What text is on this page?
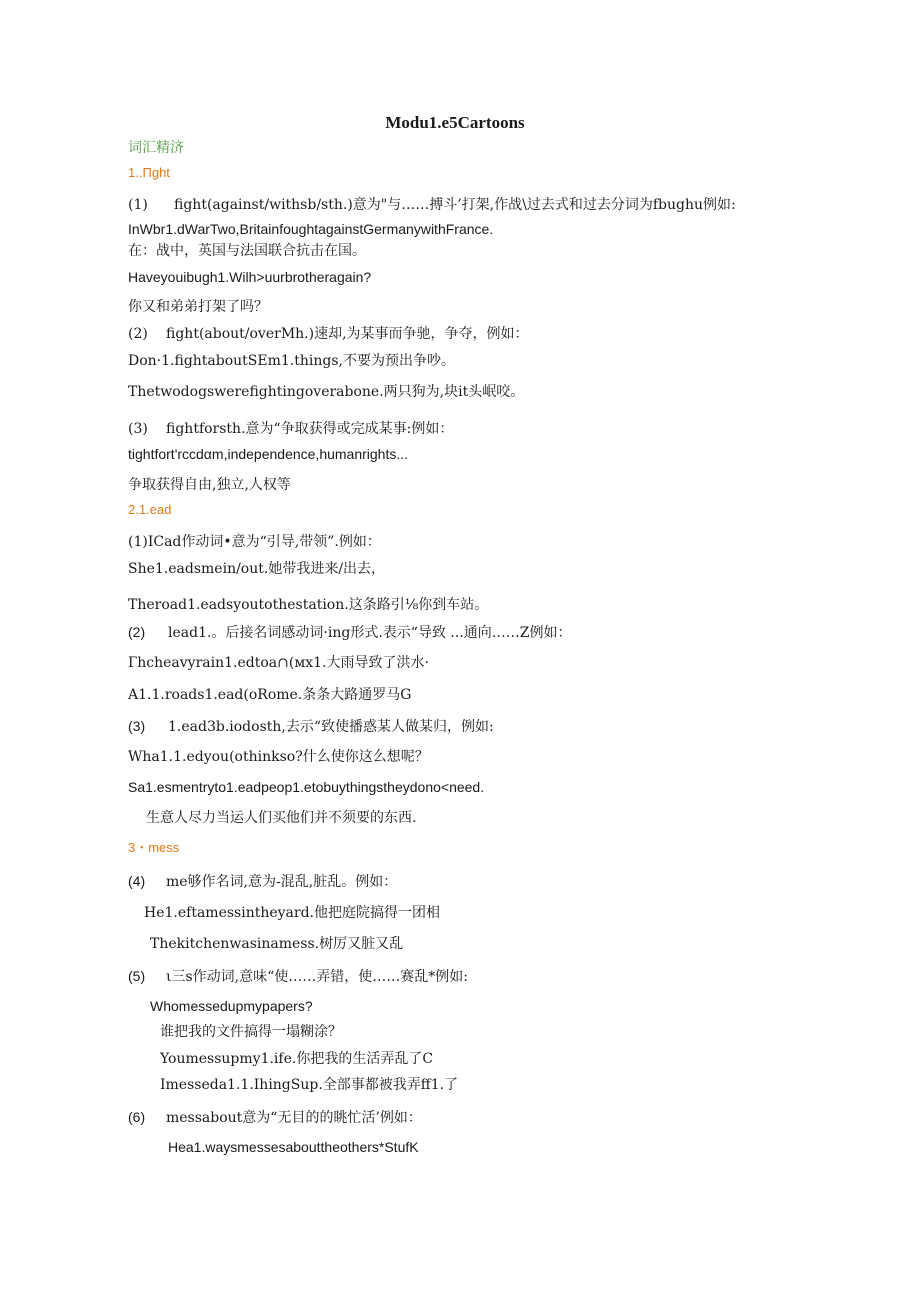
Modu1.e5Cartoons
词汇精济
1..Πght
(1) fight(against/withsb∕sth.)意为"与……搏斗’打架,作战\过去式和过去分词为fbughu例如:
InWbr1.dWarTwo,BritainfoughtagainstGermanywithFrance.
在：战中，英国与法国联合抗击在国。
Haveyouibugh1.Wilh>uurbrotheragain?
你又和弟弟打架了吗？
(2) fight(about/overMh.)速却,为某事而争驰，争夺，例如：
Don·1.fightaboutSEm1.things,不要为预出争吵。
Thetwodogswerefightingoverabone.两只狗为,块it头岷咬。
(3) fightforsth.意为“争取获得或完成某事:例如：
tightfort'rccdαm,independence,humanrights...
争取获得自由,独立,人权等
2.1.ead
(1)ICad作动词•意为“引导,带领”.例如：
She1.eadsmein/out.她带我进来/出去，
Theroad1.eadsyoutothestation.这条路引⅛你到车站。
(2) lead1.。后接名词感动词·ing形式.表示“导致 ...通向……Z例如：
Гhcheavyrain1.edtoa∩(мx1.大雨导致了洪水·
A1.1.roads1.ead(oRome.条条大路通罗马G
(3) 1.ead3b.iodosth,去示“致使播惑某人做某归，例如:
Wha1.1.edyou(othinkso?什么使你这么想呢？
Sa1.esmentryto1.eadpeop1.etobuythingstheydono<need.
生意人尽力当运人们买他们并不须要的东西.
3・mess
(4) me够作名词,意为-混乱,脏乱。例如：
He1.eftamessintheyard.他把庭院搞得一团相
Thekitchenwasinamess.树厉又脏又乱
(5) ι三s作动词,意味“使……弄错，使……赛乱*例如:
Whomessedupmypapers?
谁把我的文件搞得一塌糊涂？
Youmessupmy1.ife.你把我的生活弄乱了C
Imesseda1.1.IhingSup.全部事都被我弄ff1.了
(6) messabout意为“无目的的眺忙活’例如：
Hea1.waysmessesabouttheothers*StufK
